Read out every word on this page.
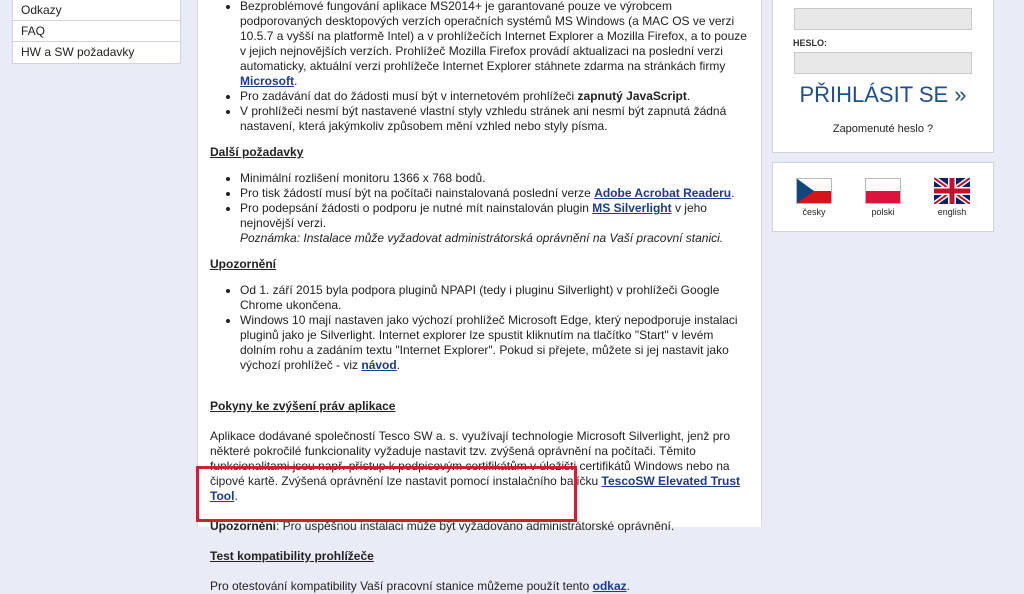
Odkazy
FAQ
HW a SW požadavky
• Bezproblémové fungování aplikace MS2014+ je garantované pouze ve výrobcem podporovaných desktopových verzích operačních systémů MS Windows (a MAC OS ve verzi 10.5.7 a vyšší na platformě Intel) a v prohlížečích Internet Explorer a Mozilla Firefox, a to pouze v jejich nejnovějších verzích. Prohlížeč Mozilla Firefox provádí aktualizaci na poslední verzi automaticky, aktuální verzi prohlížeče Internet Explorer stáhnete zdarma na stránkách firmy Microsoft.
• Pro zadávání dat do žádosti musí být v internetovém prohlížeči zapnutý JavaScript.
• V prohlížeči nesmí být nastavené vlastní styly vzhledu stránek ani nesmí být zapnutá žádná nastavení, která jakýmkoliv způsobem mění vzhled nebo styly písma.

Další požadavky

• Minimální rozlišení monitoru 1366 x 768 bodů.
• Pro tisk žádostí musí být na počítači nainstalovaná poslední verze Adobe Acrobat Readeru.
• Pro podepsání žádosti o podporu je nutné mít nainstalován plugin MS Silverlight v jeho nejnovější verzi.
Poznámka: Instalace může vyžadovat administrátorská oprávnění na Vaší pracovní stanici.

Upozornění

• Od 1. září 2015 byla podpora pluginů NPAPI (tedy i pluginu Silverlight) v prohlížeči Google Chrome ukončena.
• Windows 10 mají nastaven jako výchozí prohlížeč Microsoft Edge, který nepodporuje instalaci pluginů jako je Silverlight. Internet explorer lze spustit kliknutím na tlačítko "Start" v levém dolním rohu a zadáním textu "Internet Explorer". Pokud si přejete, můžete si jej nastavit jako výchozí prohlížeč - viz návod.

Pokyny ke zvýšení práv aplikace

Aplikace dodávané společností Tesco SW a. s. využívají technologie Microsoft Silverlight, jenž pro některé pokročilé funkcionality vyžaduje nastavit tzv. zvýšená oprávnění na počítači. Těmito funkcionalitami jsou např. přístup k podpisovým certifikátům v úložišti certifikátů Windows nebo na čipové kartě. Zvýšená oprávnění lze nastavit pomocí instalačního balíčku TescoSW Elevated Trust Tool.

Upozornění: Pro úspěšnou instalaci může být vyžadováno administrátorské oprávnění.

Test kompatibility prohlížeče

Pro otestování kompatibility Vaší pracovní stanice můžeme použít tento odkaz.

HESLO:
PŘIHLÁSIT SE »
Zapomenuté heslo ?
česky	polski	english
